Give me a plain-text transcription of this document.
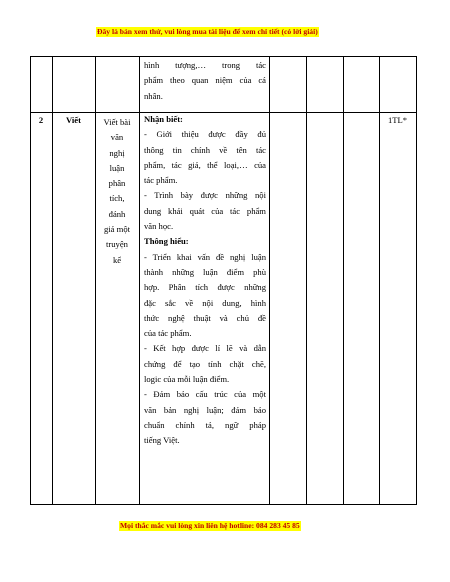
Đây là bản xem thử, vui lòng mua tài liệu để xem chi tiết (có lời giải)
hình tượng,… trong tác
phẩm theo quan niệm của cá
nhân.
2	Viết	Viết bài
văn
nghị
luận
phân
tích,
đánh
giá một
truyện
kể
Nhận biết:
- Giới thiệu được đầy đủ
thông tin chính về tên tác
phẩm, tác giả, thể loại,… của
tác phẩm.
- Trình bày được những nội
dung khái quát của tác phẩm
văn học.
Thông hiểu:
- Triển khai vấn đề nghị luận
thành những luận điểm phù
hợp. Phân tích được những
đặc sắc về nội dung, hình
thức nghệ thuật và chủ đề
của tác phẩm.
- Kết hợp được lí lẽ và dẫn
chứng để tạo tính chặt chẽ,
logic của mỗi luận điểm.
- Đảm bảo cấu trúc của một
văn bản nghị luận; đảm bảo
chuẩn chính tả, ngữ pháp
tiếng Việt.
1TL*
Mọi thắc mắc vui lòng xin liên hệ hotline: 084 283 45 85
